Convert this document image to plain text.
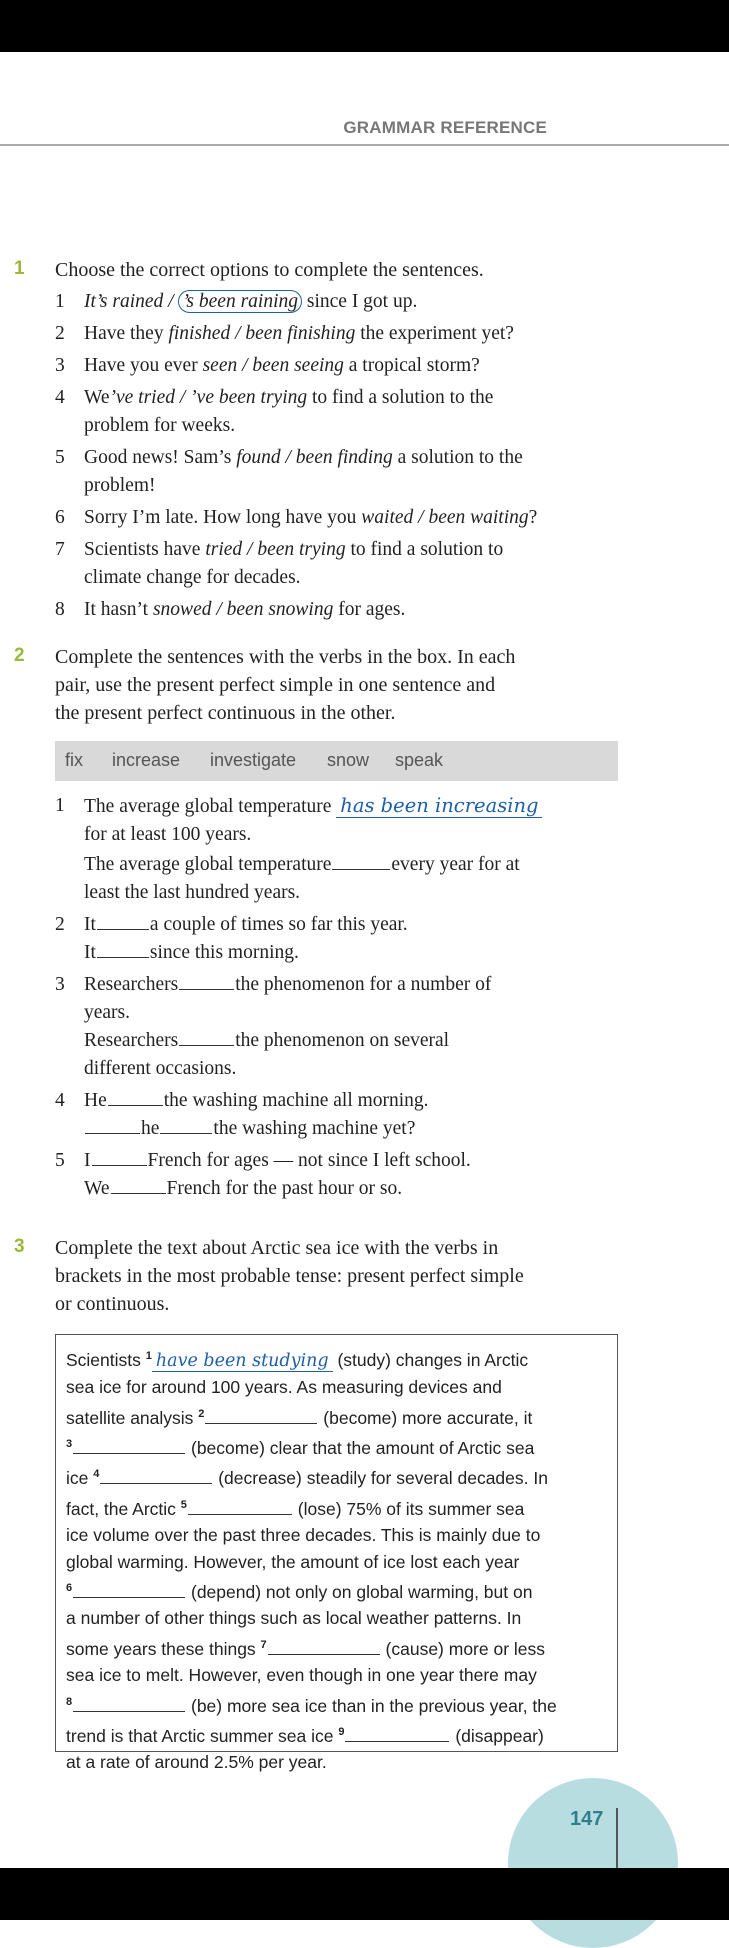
GRAMMAR REFERENCE
1 Choose the correct options to complete the sentences.
1 It’s rained / ’s been raining since I got up.
2 Have they finished / been finishing the experiment yet?
3 Have you ever seen / been seeing a tropical storm?
4 We’ve tried / ’ve been trying to find a solution to the
problem for weeks.
5 Good news! Sam’s found / been finding a solution to the
problem!
6 Sorry I’m late. How long have you waited / been waiting?
7 Scientists have tried / been trying to find a solution to
climate change for decades.
8 It hasn’t snowed / been snowing for ages.
2 Complete the sentences with the verbs in the box. In each
pair, use the present perfect simple in one sentence and
the present perfect continuous in the other.
fix increase investigate snow speak
1 The average global temperature has been increasing
for at least 100 years.
The average global temperature	every year for at
least the last hundred years.
2 It	a couple of times so far this year.
It	since this morning.
3 Researchers	the phenomenon for a number of
years.
Researchers	the phenomenon on several
different occasions.
4 He	the washing machine all morning.
he	the washing machine yet?
5 I	French for ages — not since I left school.
We	French for the past hour or so.
3 Complete the text about Arctic sea ice with the verbs in
brackets in the most probable tense: present perfect simple
or continuous.
Scientists $^1$ have been studying (study) changes in Arctic
sea ice for around 100 years. As measuring devices and
satellite analysis $^2$	(become) more accurate, it
$^3$	(become) clear that the amount of Arctic sea
ice $^4$	(decrease) steadily for several decades. In
fact, the Arctic $^5$	(lose) 75% of its summer sea
ice volume over the past three decades. This is mainly due to
global warming. However, the amount of ice lost each year
$^6$	(depend) not only on global warming, but on
a number of other things such as local weather patterns. In
some years these things $^7$	(cause) more or less
sea ice to melt. However, even though in one year there may
$^8$	(be) more sea ice than in the previous year, the
trend is that Arctic summer sea ice $^9$	(disappear)
at a rate of around 2.5% per year.
147
